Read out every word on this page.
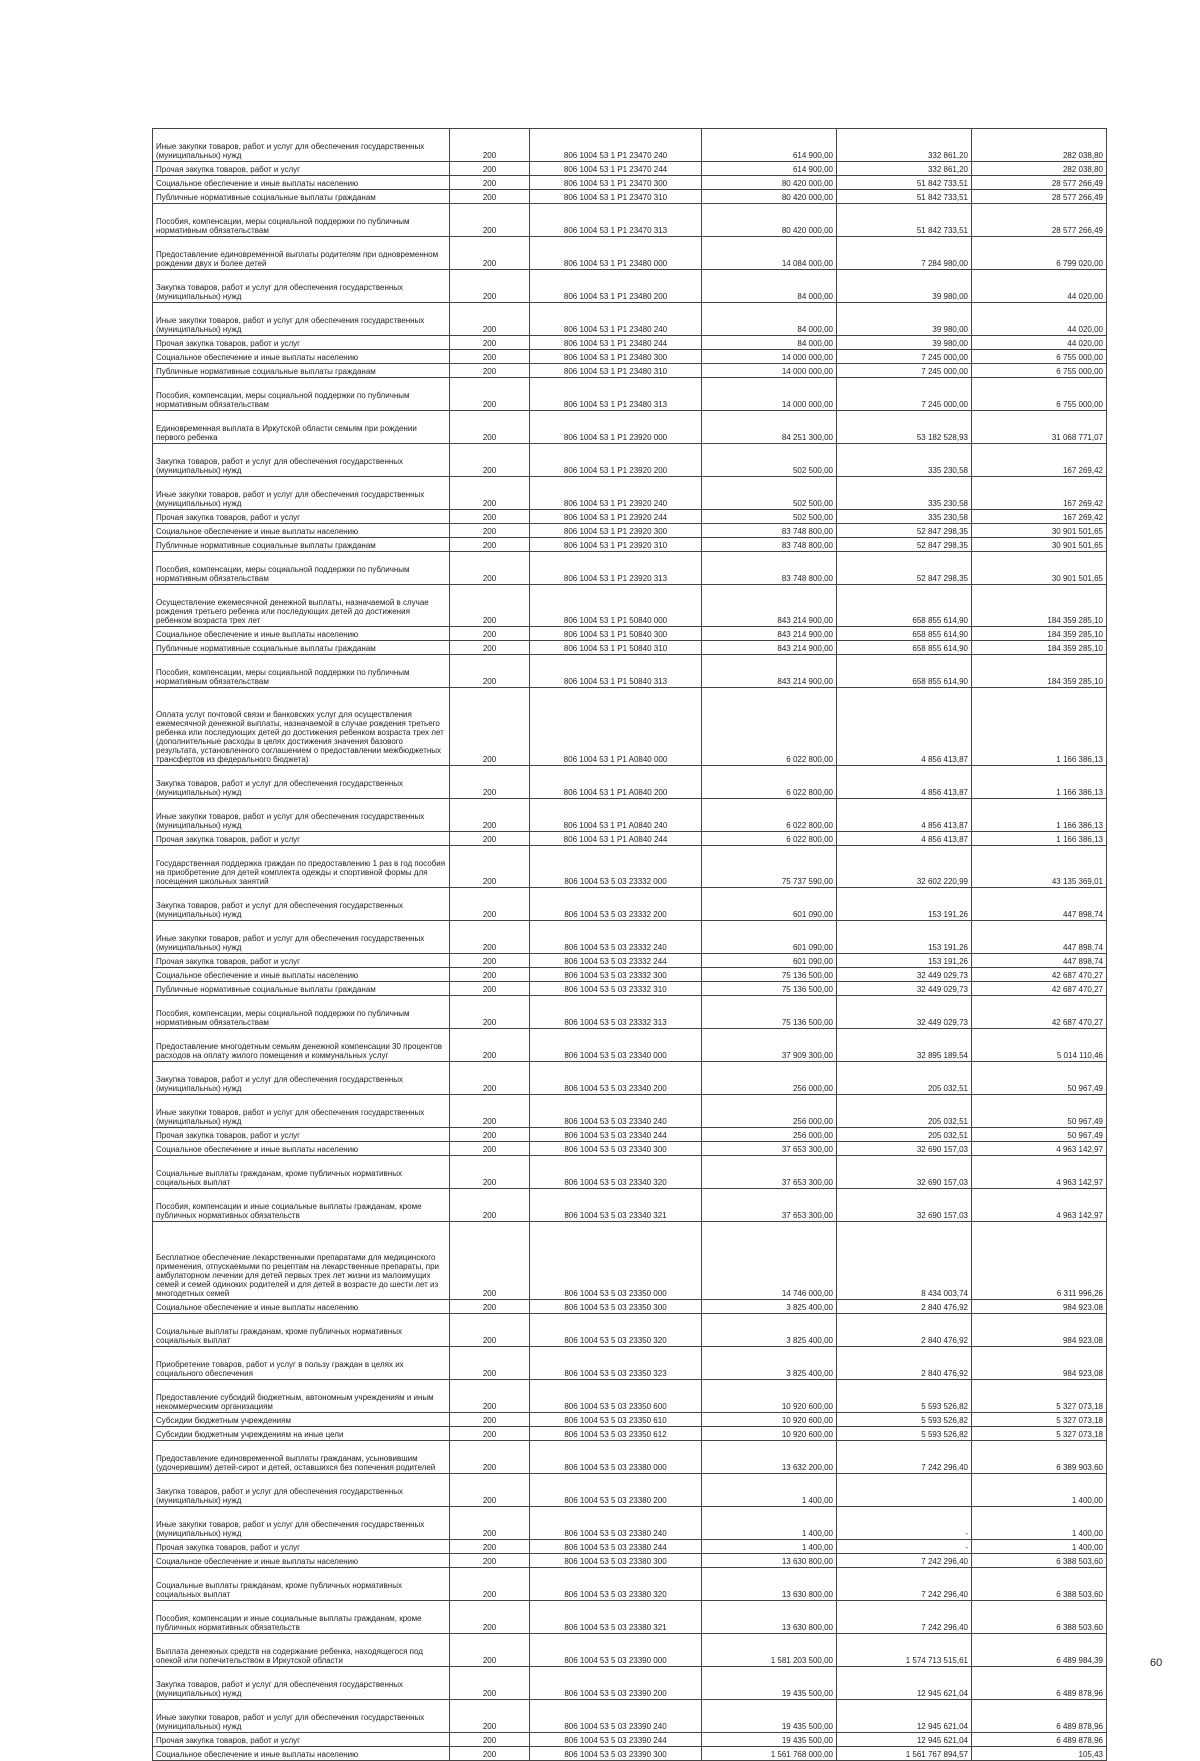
Иные закупки товаров, работ и услуг для обеспечения государственных (муниципальных) нужд	200	806 1004 53 1 P1 23470 240	614 900,00	332 861,20	282 038,80
Прочая закупка товаров, работ и услуг	200	806 1004 53 1 P1 23470 244	614 900,00	332 861,20	282 038,80
Социальное обеспечение и иные выплаты населению	200	806 1004 53 1 P1 23470 300	80 420 000,00	51 842 733,51	28 577 266,49
Публичные нормативные социальные выплаты гражданам	200	806 1004 53 1 P1 23470 310	80 420 000,00	51 842 733,51	28 577 266,49
Пособия, компенсации, меры социальной поддержки по публичным нормативным обязательствам	200	806 1004 53 1 P1 23470 313	80 420 000,00	51 842 733,51	28 577 266,49
Предоставление единовременной выплаты родителям при одновременном рождении двух и более детей	200	806 1004 53 1 P1 23480 000	14 084 000,00	7 284 980,00	6 799 020,00
Закупка товаров, работ и услуг для обеспечения государственных (муниципальных) нужд	200	806 1004 53 1 P1 23480 200	84 000,00	39 980,00	44 020,00
Иные закупки товаров, работ и услуг для обеспечения государственных (муниципальных) нужд	200	806 1004 53 1 P1 23480 240	84 000,00	39 980,00	44 020,00
Прочая закупка товаров, работ и услуг	200	806 1004 53 1 P1 23480 244	84 000,00	39 980,00	44 020,00
Социальное обеспечение и иные выплаты населению	200	806 1004 53 1 P1 23480 300	14 000 000,00	7 245 000,00	6 755 000,00
Публичные нормативные социальные выплаты гражданам	200	806 1004 53 1 P1 23480 310	14 000 000,00	7 245 000,00	6 755 000,00
Пособия, компенсации, меры социальной поддержки по публичным нормативным обязательствам	200	806 1004 53 1 P1 23480 313	14 000 000,00	7 245 000,00	6 755 000,00
Единовременная выплата в Иркутской области семьям при рождении первого ребенка	200	806 1004 53 1 P1 23920 000	84 251 300,00	53 182 528,93	31 068 771,07
Закупка товаров, работ и услуг для обеспечения государственных (муниципальных) нужд	200	806 1004 53 1 P1 23920 200	502 500,00	335 230,58	167 269,42
Иные закупки товаров, работ и услуг для обеспечения государственных (муниципальных) нужд	200	806 1004 53 1 P1 23920 240	502 500,00	335 230,58	167 269,42
Прочая закупка товаров, работ и услуг	200	806 1004 53 1 P1 23920 244	502 500,00	335 230,58	167 269,42
Социальное обеспечение и иные выплаты населению	200	806 1004 53 1 P1 23920 300	83 748 800,00	52 847 298,35	30 901 501,65
Публичные нормативные социальные выплаты гражданам	200	806 1004 53 1 P1 23920 310	83 748 800,00	52 847 298,35	30 901 501,65
Пособия, компенсации, меры социальной поддержки по публичным нормативным обязательствам	200	806 1004 53 1 P1 23920 313	83 748 800,00	52 847 298,35	30 901 501,65
Осуществление ежемесячной денежной выплаты, назначаемой в случае рождения третьего ребенка или последующих детей до достижения ребенком возраста трех лет	200	806 1004 53 1 P1 50840 000	843 214 900,00	658 855 614,90	184 359 285,10
Социальное обеспечение и иные выплаты населению	200	806 1004 53 1 P1 50840 300	843 214 900,00	658 855 614,90	184 359 285,10
Публичные нормативные социальные выплаты гражданам	200	806 1004 53 1 P1 50840 310	843 214 900,00	658 855 614,90	184 359 285,10
Пособия, компенсации, меры социальной поддержки по публичным нормативным обязательствам	200	806 1004 53 1 P1 50840 313	843 214 900,00	658 855 614,90	184 359 285,10
Оплата услуг почтовой связи и банковских услуг для осуществления ежемесячной денежной выплаты, назначаемой в случае рождения третьего ребенка или последующих детей до достижения ребенком возраста трех лет (дополнительные расходы в целях достижения значения базового результата, установленного соглашением о предоставлении межбюджетных трансфертов из федерального бюджета)	200	806 1004 53 1 P1 A0840 000	6 022 800,00	4 856 413,87	1 166 386,13
Закупка товаров, работ и услуг для обеспечения государственных (муниципальных) нужд	200	806 1004 53 1 P1 A0840 200	6 022 800,00	4 856 413,87	1 166 386,13
Иные закупки товаров, работ и услуг для обеспечения государственных (муниципальных) нужд	200	806 1004 53 1 P1 A0840 240	6 022 800,00	4 856 413,87	1 166 386,13
Прочая закупка товаров, работ и услуг	200	806 1004 53 1 P1 A0840 244	6 022 800,00	4 856 413,87	1 166 386,13
Государственная поддержка граждан по предоставлению 1 раз в год пособия на приобретение для детей комплекта одежды и спортивной формы для посещения школьных занятий	200	806 1004 53 5 03 23332 000	75 737 590,00	32 602 220,99	43 135 369,01
Закупка товаров, работ и услуг для обеспечения государственных (муниципальных) нужд	200	806 1004 53 5 03 23332 200	601 090,00	153 191,26	447 898,74
Иные закупки товаров, работ и услуг для обеспечения государственных (муниципальных) нужд	200	806 1004 53 5 03 23332 240	601 090,00	153 191,26	447 898,74
Прочая закупка товаров, работ и услуг	200	806 1004 53 5 03 23332 244	601 090,00	153 191,26	447 898,74
Социальное обеспечение и иные выплаты населению	200	806 1004 53 5 03 23332 300	75 136 500,00	32 449 029,73	42 687 470,27
Публичные нормативные социальные выплаты гражданам	200	806 1004 53 5 03 23332 310	75 136 500,00	32 449 029,73	42 687 470,27
Пособия, компенсации, меры социальной поддержки по публичным нормативным обязательствам	200	806 1004 53 5 03 23332 313	75 136 500,00	32 449 029,73	42 687 470,27
Предоставление многодетным семьям денежной компенсации 30 процентов расходов на оплату жилого помещения и коммунальных услуг	200	806 1004 53 5 03 23340 000	37 909 300,00	32 895 189,54	5 014 110,46
Закупка товаров, работ и услуг для обеспечения государственных (муниципальных) нужд	200	806 1004 53 5 03 23340 200	256 000,00	205 032,51	50 967,49
Иные закупки товаров, работ и услуг для обеспечения государственных (муниципальных) нужд	200	806 1004 53 5 03 23340 240	256 000,00	205 032,51	50 967,49
Прочая закупка товаров, работ и услуг	200	806 1004 53 5 03 23340 244	256 000,00	205 032,51	50 967,49
Социальное обеспечение и иные выплаты населению	200	806 1004 53 5 03 23340 300	37 653 300,00	32 690 157,03	4 963 142,97
Социальные выплаты гражданам, кроме публичных нормативных социальных выплат	200	806 1004 53 5 03 23340 320	37 653 300,00	32 690 157,03	4 963 142,97
Пособия, компенсации и иные социальные выплаты гражданам, кроме публичных нормативных обязательств	200	806 1004 53 5 03 23340 321	37 653 300,00	32 690 157,03	4 963 142,97
Бесплатное обеспечение лекарственными препаратами для медицинского применения, отпускаемыми по рецептам на лекарственные препараты, при амбулаторном лечении для детей первых трех лет жизни из малоимущих семей и семей одиноких родителей и для детей в возрасте до шести лет из многодетных семей	200	806 1004 53 5 03 23350 000	14 746 000,00	8 434 003,74	6 311 996,26
Социальное обеспечение и иные выплаты населению	200	806 1004 53 5 03 23350 300	3 825 400,00	2 840 476,92	984 923,08
Социальные выплаты гражданам, кроме публичных нормативных социальных выплат	200	806 1004 53 5 03 23350 320	3 825 400,00	2 840 476,92	984 923,08
Приобретение товаров, работ и услуг в пользу граждан в целях их социального обеспечения	200	806 1004 53 5 03 23350 323	3 825 400,00	2 840 476,92	984 923,08
Предоставление субсидий бюджетным, автономным учреждениям и иным некоммерческим организациям	200	806 1004 53 5 03 23350 600	10 920 600,00	5 593 526,82	5 327 073,18
Субсидии бюджетным учреждениям	200	806 1004 53 5 03 23350 610	10 920 600,00	5 593 526,82	5 327 073,18
Субсидии бюджетным учреждениям на иные цели	200	806 1004 53 5 03 23350 612	10 920 600,00	5 593 526,82	5 327 073,18
Предоставление единовременной выплаты гражданам, усыновившим (удочерившим) детей-сирот и детей, оставшихся без попечения родителей	200	806 1004 53 5 03 23380 000	13 632 200,00	7 242 296,40	6 389 903,60
Закупка товаров, работ и услуг для обеспечения государственных (муниципальных) нужд	200	806 1004 53 5 03 23380 200	1 400,00		1 400,00
Иные закупки товаров, работ и услуг для обеспечения государственных (муниципальных) нужд	200	806 1004 53 5 03 23380 240	1 400,00	-	1 400,00
Прочая закупка товаров, работ и услуг	200	806 1004 53 5 03 23380 244	1 400,00	-	1 400,00
Социальное обеспечение и иные выплаты населению	200	806 1004 53 5 03 23380 300	13 630 800,00	7 242 296,40	6 388 503,60
Социальные выплаты гражданам, кроме публичных нормативных социальных выплат	200	806 1004 53 5 03 23380 320	13 630 800,00	7 242 296,40	6 388 503,60
Пособия, компенсации и иные социальные выплаты гражданам, кроме публичных нормативных обязательств	200	806 1004 53 5 03 23380 321	13 630 800,00	7 242 296,40	6 388 503,60
Выплата денежных средств на содержание ребенка, находящегося под опекой или попечительством в Иркутской области	200	806 1004 53 5 03 23390 000	1 581 203 500,00	1 574 713 515,61	6 489 984,39
Закупка товаров, работ и услуг для обеспечения государственных (муниципальных) нужд	200	806 1004 53 5 03 23390 200	19 435 500,00	12 945 621,04	6 489 878,96
Иные закупки товаров, работ и услуг для обеспечения государственных (муниципальных) нужд	200	806 1004 53 5 03 23390 240	19 435 500,00	12 945 621,04	6 489 878,96
Прочая закупка товаров, работ и услуг	200	806 1004 53 5 03 23390 244	19 435 500,00	12 945 621,04	6 489 878,96
Социальное обеспечение и иные выплаты населению	200	806 1004 53 5 03 23390 300	1 561 768 000,00	1 561 767 894,57	105,43
60
